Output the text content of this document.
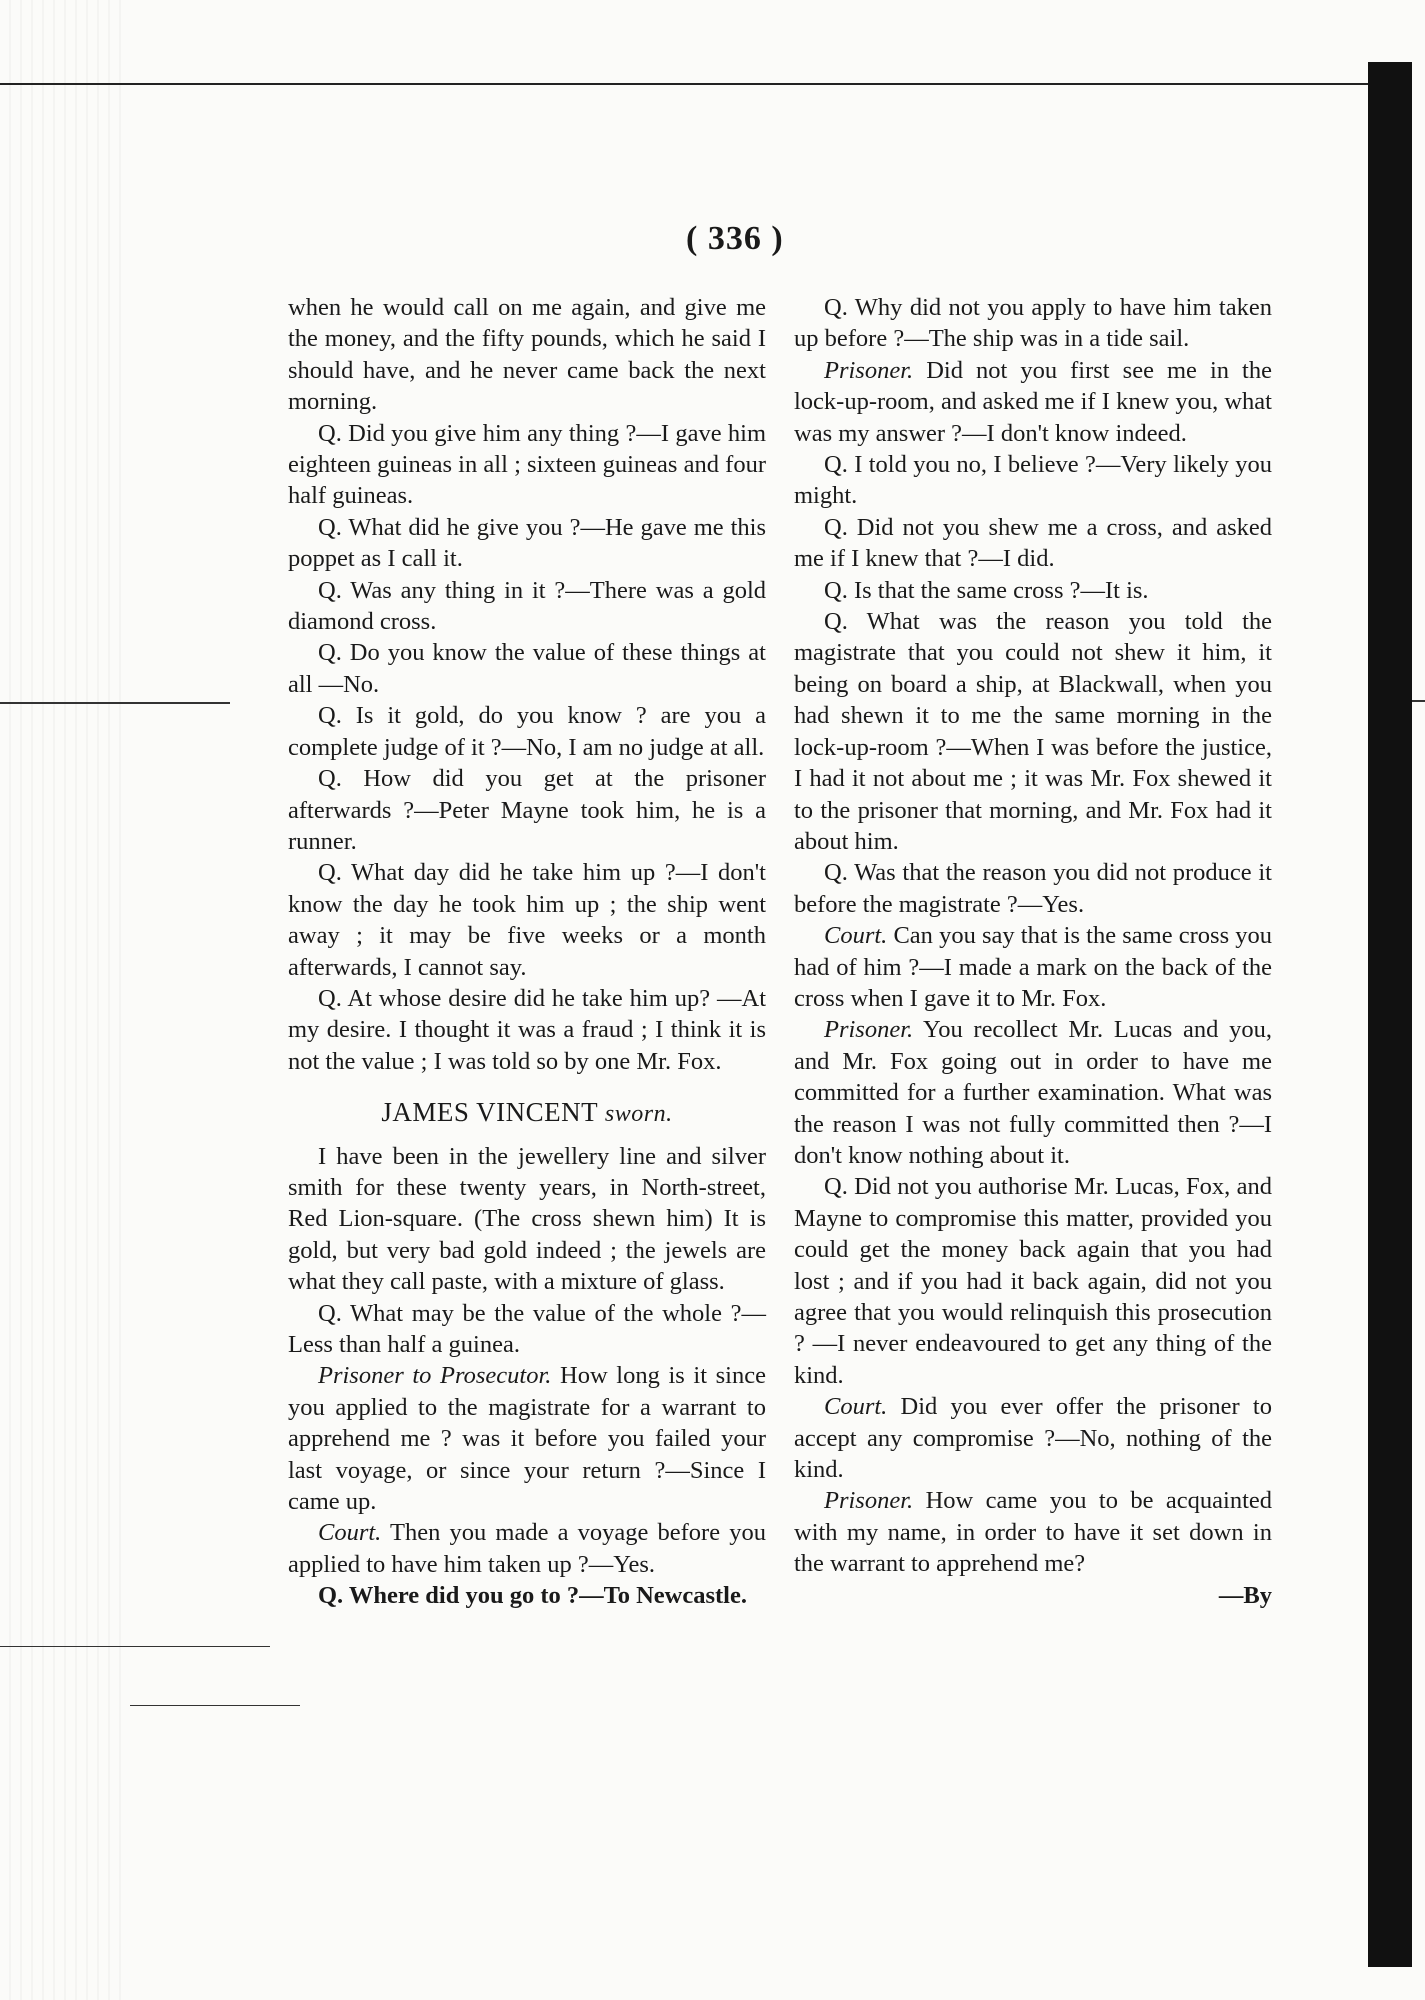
( 336 )

when he would call on me again, and give me the money, and the fifty pounds, which he said I should have, and he never came back the next morning.

Q. Did you give him any thing ?—I gave him eighteen guineas in all ; sixteen guineas and four half guineas.

Q. What did he give you ?—He gave me this poppet as I call it.

Q. Was any thing in it ?—There was a gold diamond cross.

Q. Do you know the value of these things at all —No.

Q. Is it gold, do you know ? are you a complete judge of it ?—No, I am no judge at all.

Q. How did you get at the prisoner afterwards ?—Peter Mayne took him, he is a runner.

Q. What day did he take him up ?—I don't know the day he took him up ; the ship went away ; it may be five weeks or a month afterwards, I cannot say.

Q. At whose desire did he take him up? —At my desire. I thought it was a fraud ; I think it is not the value ; I was told so by one Mr. Fox.

JAMES VINCENT sworn.

I have been in the jewellery line and silver smith for these twenty years, in North-street, Red Lion-square. (The cross shewn him) It is gold, but very bad gold indeed ; the jewels are what they call paste, with a mixture of glass.

Q. What may be the value of the whole ?—Less than half a guinea.

Prisoner to Prosecutor. How long is it since you applied to the magistrate for a warrant to apprehend me ? was it before you failed your last voyage, or since your return ?—Since I came up.

Court. Then you made a voyage before you applied to have him taken up ?—Yes.

Q. Where did you go to ?—To Newcastle.

Q. Why did not you apply to have him taken up before ?—The ship was in a tide sail.

Prisoner. Did not you first see me in the lock-up-room, and asked me if I knew you, what was my answer ?—I don't know indeed.

Q. I told you no, I believe ?—Very likely you might.

Q. Did not you shew me a cross, and asked me if I knew that ?—I did.

Q. Is that the same cross ?—It is.

Q. What was the reason you told the magistrate that you could not shew it him, it being on board a ship, at Blackwall, when you had shewn it to me the same morning in the lock-up-room ?—When I was before the justice, I had it not about me ; it was Mr. Fox shewed it to the prisoner that morning, and Mr. Fox had it about him.

Q. Was that the reason you did not produce it before the magistrate ?—Yes.

Court. Can you say that is the same cross you had of him ?—I made a mark on the back of the cross when I gave it to Mr. Fox.

Prisoner. You recollect Mr. Lucas and you, and Mr. Fox going out in order to have me committed for a further examination. What was the reason I was not fully committed then ?—I don't know nothing about it.

Q. Did not you authorise Mr. Lucas, Fox, and Mayne to compromise this matter, provided you could get the money back again that you had lost ; and if you had it back again, did not you agree that you would relinquish this prosecution ? —I never endeavoured to get any thing of the kind.

Court. Did you ever offer the prisoner to accept any compromise ?—No, nothing of the kind.

Prisoner. How came you to be acquainted with my name, in order to have it set down in the warrant to apprehend me?

—By
